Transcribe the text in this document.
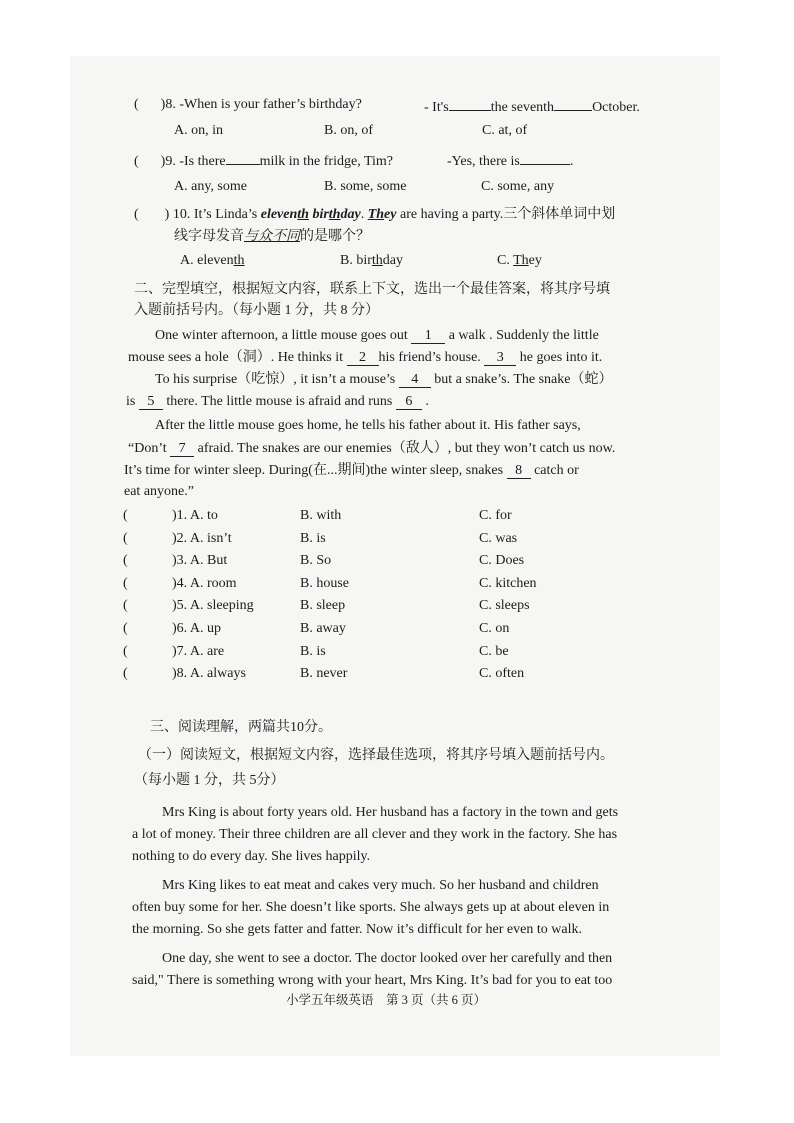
( )8. -When is your father’s birthday?	- It's	the seventh	October.
A. on, in	B. on, of	C. at, of
( )9. -Is there milk in the fridge, Tim?	-Yes, there is	.
A. any, some	B. some, some	C. some, any
( ) 10. It’s Linda’s eleventh birthday. They are having a party.三个斜体单词中划
线字母发音与众不同的是哪个？
A. eleventh	B. birthday	C. They
二、完型填空，根据短文内容，联系上下文，选出一个最佳答案，将其序号填
入题前括号内。（每小题 1 分，共 8 分）
One winter afternoon, a little mouse goes out 1 a walk . Suddenly the little
mouse sees a hole（洞）. He thinks it 2 his friend’s house. 3 he goes into it.
To his surprise（吃惊）, it isn’t a mouse’s 4 but a snake’s. The snake（蛇）
is 5 there. The little mouse is afraid and runs 6 .
After the little mouse goes home, he tells his father about it. His father says,
“Don’t 7 afraid. The snakes are our enemies（敌人）, but they won’t catch us now.
It’s time for winter sleep. During(在...期间)the winter sleep, snakes 8 catch or
eat anyone.”
(	)1. A. to	B. with	C. for
(	)2. A. isn’t	B. is	C. was
(	)3. A. But	B. So	C. Does
(	)4. A. room	B. house	C. kitchen
(	)5. A. sleeping	B. sleep	C. sleeps
(	)6. A. up	B. away	C. on
(	)7. A. are	B. is	C. be
(	)8. A. always	B. never	C. often
三、阅读理解，两篇共10分。
（一）阅读短文，根据短文内容，选择最佳选项，将其序号填入题前括号内。
（每小题 1 分，共 5分）
Mrs King is about forty years old. Her husband has a factory in the town and gets
a lot of money. Their three children are all clever and they work in the factory. She has
nothing to do every day. She lives happily.
Mrs King likes to eat meat and cakes very much. So her husband and children
often buy some for her. She doesn’t like sports. She always gets up at about eleven in
the morning. So she gets fatter and fatter. Now it’s difficult for her even to walk.
One day, she went to see a doctor. The doctor looked over her carefully and then
said," There is something wrong with your heart, Mrs King. It’s bad for you to eat too
小学五年级英语 第 3 页（共 6 页）
